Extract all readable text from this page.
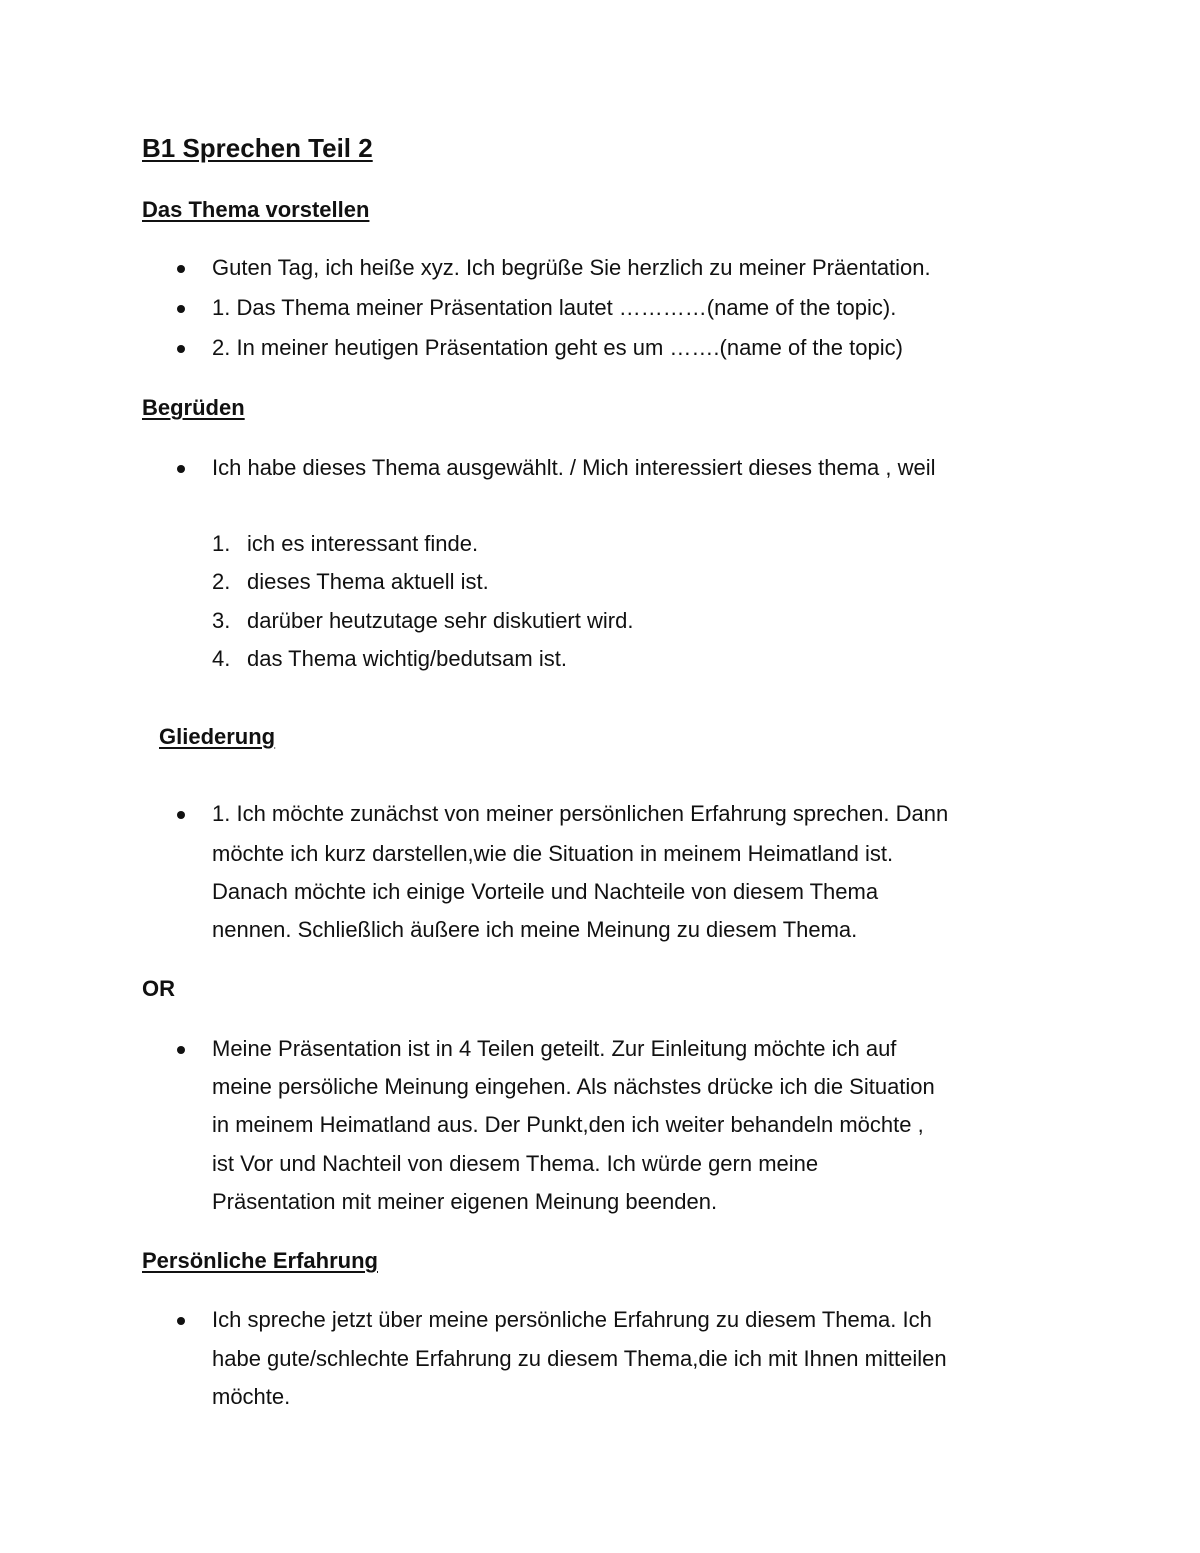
B1 Sprechen Teil 2
Das Thema vorstellen
Guten Tag, ich heiße xyz. Ich begrüße Sie herzlich zu meiner Präentation.
1. Das Thema meiner Präsentation lautet …………(name of the topic).
2. In meiner heutigen Präsentation geht es um …….(name of the topic)
Begrüden
Ich habe dieses Thema ausgewählt. / Mich interessiert dieses thema , weil
1. ich es interessant finde.
2. dieses Thema aktuell ist.
3. darüber heutzutage sehr diskutiert wird.
4. das Thema wichtig/bedutsam ist.
Gliederung
1. Ich möchte zunächst von meiner persönlichen Erfahrung sprechen. Dann
möchte ich kurz darstellen,wie die Situation in meinem Heimatland ist.
Danach möchte ich einige Vorteile und Nachteile von diesem Thema
nennen. Schließlich äußere ich meine Meinung zu diesem Thema.
OR
Meine Präsentation ist in 4 Teilen geteilt. Zur Einleitung möchte ich auf
meine persöliche Meinung eingehen. Als nächstes drücke ich die Situation
in meinem Heimatland aus. Der Punkt,den ich weiter behandeln möchte ,
ist Vor und Nachteil von diesem Thema. Ich würde gern meine
Präsentation mit meiner eigenen Meinung beenden.
Persönliche Erfahrung
Ich spreche jetzt über meine persönliche Erfahrung zu diesem Thema. Ich
habe gute/schlechte Erfahrung zu diesem Thema,die ich mit Ihnen mitteilen
möchte.
